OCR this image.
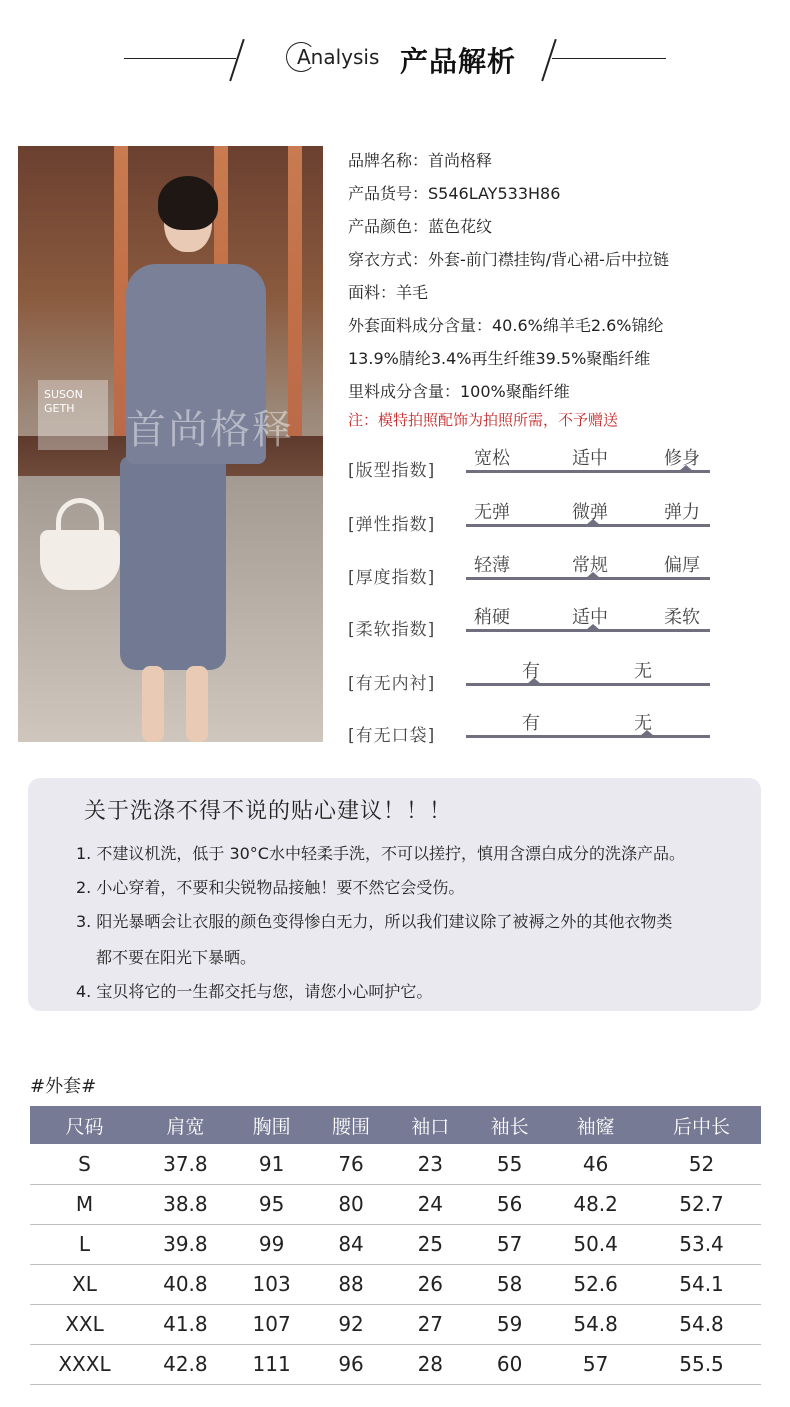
Analysis 产品解析
SUSON GETH	首尚格释
品牌名称：首尚格释
产品货号：S546LAY533H86
产品颜色：蓝色花纹
穿衣方式：外套-前门襟挂钩/背心裙-后中拉链
面料：羊毛
外套面料成分含量：40.6%绵羊毛2.6%锦纶
13.9%腈纶3.4%再生纤维39.5%聚酯纤维
里料成分含量：100%聚酯纤维
注：模特拍照配饰为拍照所需，不予赠送
[版型指数]
宽松	适中	修身
[弹性指数]
无弹	微弹	弹力
[厚度指数]
轻薄	常规	偏厚
[柔软指数]
稍硬	适中	柔软
[有无内衬]
有	无
[有无口袋]
有	无
关于洗涤不得不说的贴心建议！！！
1. 不建议机洗，低于 30°C水中轻柔手洗，不可以搓拧，慎用含漂白成分的洗涤产品。
2. 小心穿着，不要和尖锐物品接触！要不然它会受伤。
3. 阳光暴晒会让衣服的颜色变得惨白无力，所以我们建议除了被褥之外的其他衣物类
都不要在阳光下暴晒。
4. 宝贝将它的一生都交托与您，请您小心呵护它。
#外套#
尺码	肩宽	胸围	腰围	袖口	袖长	袖窿	后中长
S	37.8	91	76	23	55	46	52
M	38.8	95	80	24	56	48.2	52.7
L	39.8	99	84	25	57	50.4	53.4
XL	40.8	103	88	26	58	52.6	54.1
XXL	41.8	107	92	27	59	54.8	54.8
XXXL	42.8	111	96	28	60	57	55.5
